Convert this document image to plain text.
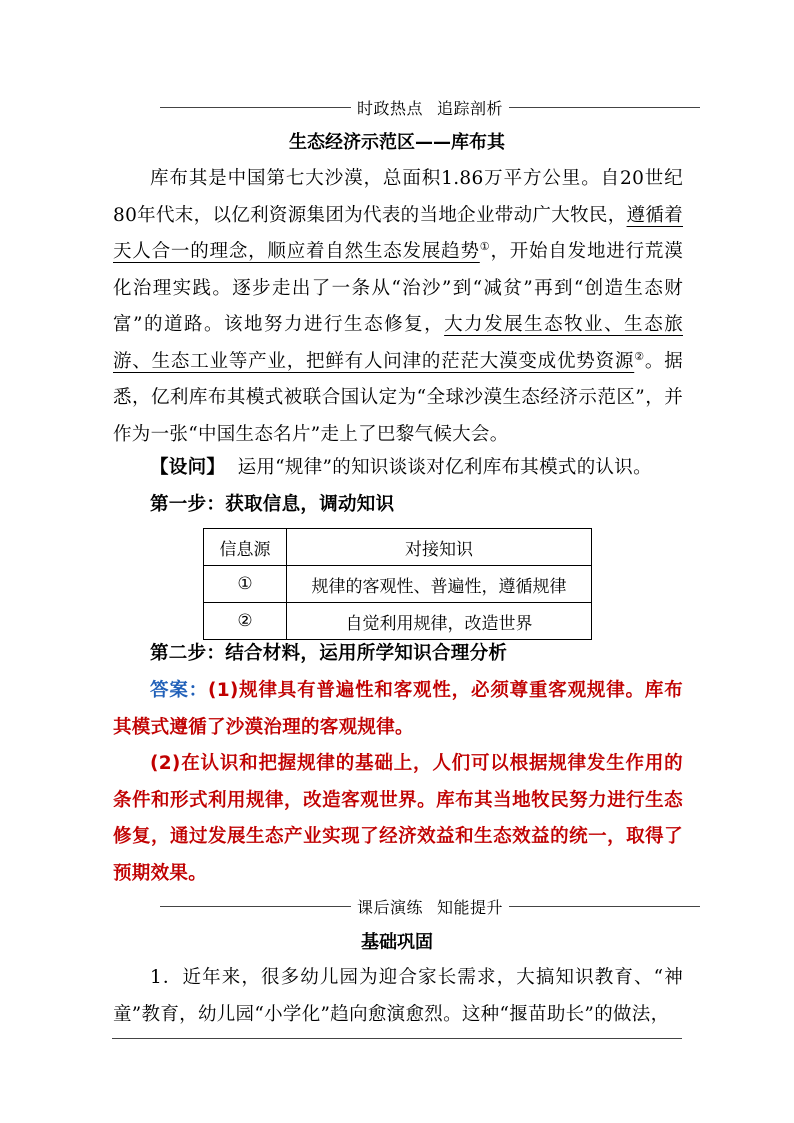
时政热点 追踪剖析
生态经济示范区——库布其
库布其是中国第七大沙漠，总面积1.86万平方公里。自20世纪80年代末，以亿利资源集团为代表的当地企业带动广大牧民，遵循着天人合一的理念，顺应着自然生态发展趋势①，开始自发地进行荒漠化治理实践。逐步走出了一条从“治沙”到“减贫”再到“创造生态财富”的道路。该地努力进行生态修复，大力发展生态牧业、生态旅游、生态工业等产业，把鲜有人问津的茫茫大漠变成优势资源②。据悉，亿利库布其模式被联合国认定为“全球沙漠生态经济示范区”，并作为一张“中国生态名片”走上了巴黎气候大会。
【设问】 运用“规律”的知识谈谈对亿利库布其模式的认识。
第一步：获取信息，调动知识
信息源	对接知识
①	规律的客观性、普遍性，遵循规律
②	自觉利用规律，改造世界
第二步：结合材料，运用所学知识合理分析
答案：(1)规律具有普遍性和客观性，必须尊重客观规律。库布其模式遵循了沙漠治理的客观规律。
(2)在认识和把握规律的基础上，人们可以根据规律发生作用的条件和形式利用规律，改造客观世界。库布其当地牧民努力进行生态修复，通过发展生态产业实现了经济效益和生态效益的统一，取得了预期效果。
课后演练 知能提升
基础巩固
1．近年来，很多幼儿园为迎合家长需求，大搞知识教育、“神童”教育，幼儿园“小学化”趋向愈演愈烈。这种“揠苗助长”的做法，
